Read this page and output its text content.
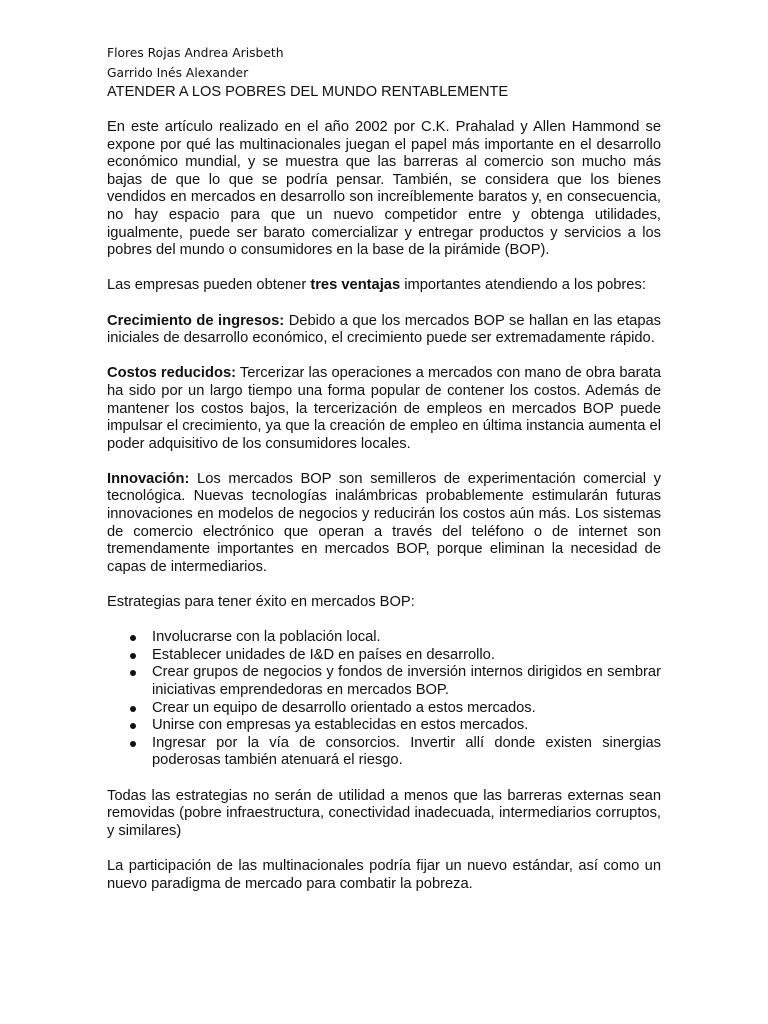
Flores Rojas Andrea Arisbeth
Garrido Inés Alexander
ATENDER A LOS POBRES DEL MUNDO RENTABLEMENTE

En este artículo realizado en el año 2002 por C.K. Prahalad y Allen Hammond se expone por qué las multinacionales juegan el papel más importante en el desarrollo económico mundial, y se muestra que las barreras al comercio son mucho más bajas de que lo que se podría pensar. También, se considera que los bienes vendidos en mercados en desarrollo son increíblemente baratos y, en consecuencia, no hay espacio para que un nuevo competidor entre y obtenga utilidades, igualmente, puede ser barato comercializar y entregar productos y servicios a los pobres del mundo o consumidores en la base de la pirámide (BOP).

Las empresas pueden obtener tres ventajas importantes atendiendo a los pobres:

Crecimiento de ingresos: Debido a que los mercados BOP se hallan en las etapas iniciales de desarrollo económico, el crecimiento puede ser extremadamente rápido.

Costos reducidos: Tercerizar las operaciones a mercados con mano de obra barata ha sido por un largo tiempo una forma popular de contener los costos. Además de mantener los costos bajos, la tercerización de empleos en mercados BOP puede impulsar el crecimiento, ya que la creación de empleo en última instancia aumenta el poder adquisitivo de los consumidores locales.

Innovación: Los mercados BOP son semilleros de experimentación comercial y tecnológica. Nuevas tecnologías inalámbricas probablemente estimularán futuras innovaciones en modelos de negocios y reducirán los costos aún más. Los sistemas de comercio electrónico que operan a través del teléfono o de internet son tremendamente importantes en mercados BOP, porque eliminan la necesidad de capas de intermediarios.

Estrategias para tener éxito en mercados BOP:

Involucrarse con la población local.
Establecer unidades de I&D en países en desarrollo.
Crear grupos de negocios y fondos de inversión internos dirigidos en sembrar iniciativas emprendedoras en mercados BOP.
Crear un equipo de desarrollo orientado a estos mercados.
Unirse con empresas ya establecidas en estos mercados.
Ingresar por la vía de consorcios. Invertir allí donde existen sinergias poderosas también atenuará el riesgo.

Todas las estrategias no serán de utilidad a menos que las barreras externas sean removidas (pobre infraestructura, conectividad inadecuada, intermediarios corruptos, y similares)

La participación de las multinacionales podría fijar un nuevo estándar, así como un nuevo paradigma de mercado para combatir la pobreza.
